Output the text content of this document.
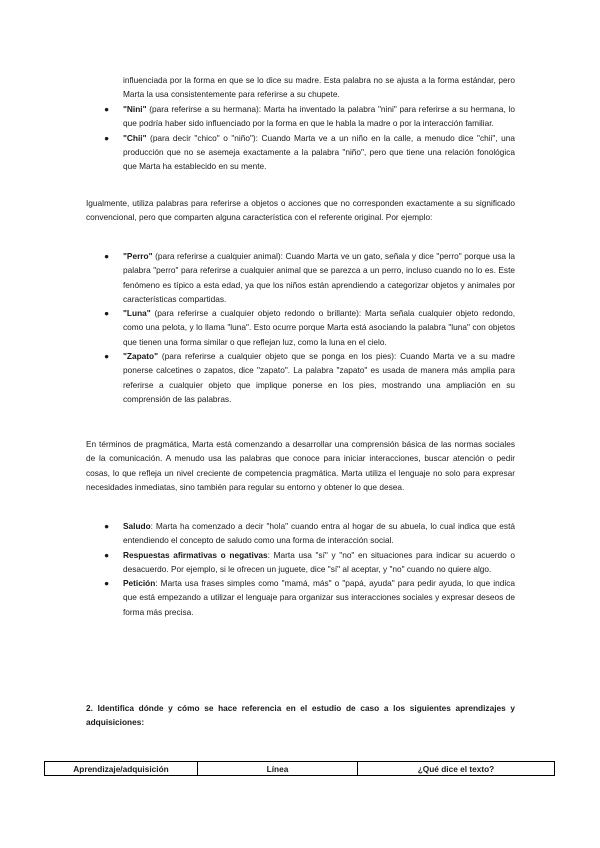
influenciada por la forma en que se lo dice su madre. Esta palabra no se ajusta a la forma estándar, pero Marta la usa consistentemente para referirse a su chupete.

● "Nini" (para referirse a su hermana): Marta ha inventado la palabra "nini" para referirse a su hermana, lo que podría haber sido influenciado por la forma en que le habla la madre o por la interacción familiar.
● "Chii" (para decir "chico" o "niño"): Cuando Marta ve a un niño en la calle, a menudo dice "chii", una producción que no se asemeja exactamente a la palabra "niño", pero que tiene una relación fonológica que Marta ha establecido en su mente.

Igualmente, utiliza palabras para referirse a objetos o acciones que no corresponden exactamente a su significado convencional, pero que comparten alguna característica con el referente original. Por ejemplo:

● "Perro" (para referirse a cualquier animal): Cuando Marta ve un gato, señala y dice "perro" porque usa la palabra "perro" para referirse a cualquier animal que se parezca a un perro, incluso cuando no lo es. Este fenómeno es típico a esta edad, ya que los niños están aprendiendo a categorizar objetos y animales por características compartidas.
● "Luna" (para referirse a cualquier objeto redondo o brillante): Marta señala cualquier objeto redondo, como una pelota, y lo llama "luna". Esto ocurre porque Marta está asociando la palabra "luna" con objetos que tienen una forma similar o que reflejan luz, como la luna en el cielo.
● "Zapato" (para referirse a cualquier objeto que se ponga en los pies): Cuando Marta ve a su madre ponerse calcetines o zapatos, dice "zapato". La palabra "zapato" es usada de manera más amplia para referirse a cualquier objeto que implique ponerse en los pies, mostrando una ampliación en su comprensión de las palabras.

En términos de pragmática, Marta está comenzando a desarrollar una comprensión básica de las normas sociales de la comunicación. A menudo usa las palabras que conoce para iniciar interacciones, buscar atención o pedir cosas, lo que refleja un nivel creciente de competencia pragmática. Marta utiliza el lenguaje no solo para expresar necesidades inmediatas, sino también para regular su entorno y obtener lo que desea.

● Saludo: Marta ha comenzado a decir "hola" cuando entra al hogar de su abuela, lo cual indica que está entendiendo el concepto de saludo como una forma de interacción social.
● Respuestas afirmativas o negativas: Marta usa "sí" y "no" en situaciones para indicar su acuerdo o desacuerdo. Por ejemplo, si le ofrecen un juguete, dice "sí" al aceptar, y "no" cuando no quiere algo.
● Petición: Marta usa frases simples como "mamá, más" o "papá, ayuda" para pedir ayuda, lo que indica que está empezando a utilizar el lenguaje para organizar sus interacciones sociales y expresar deseos de forma más precisa.

2. Identifica dónde y cómo se hace referencia en el estudio de caso a los siguientes aprendizajes y adquisiciones:

Aprendizaje/adquisición	Línea	¿Qué dice el texto?
